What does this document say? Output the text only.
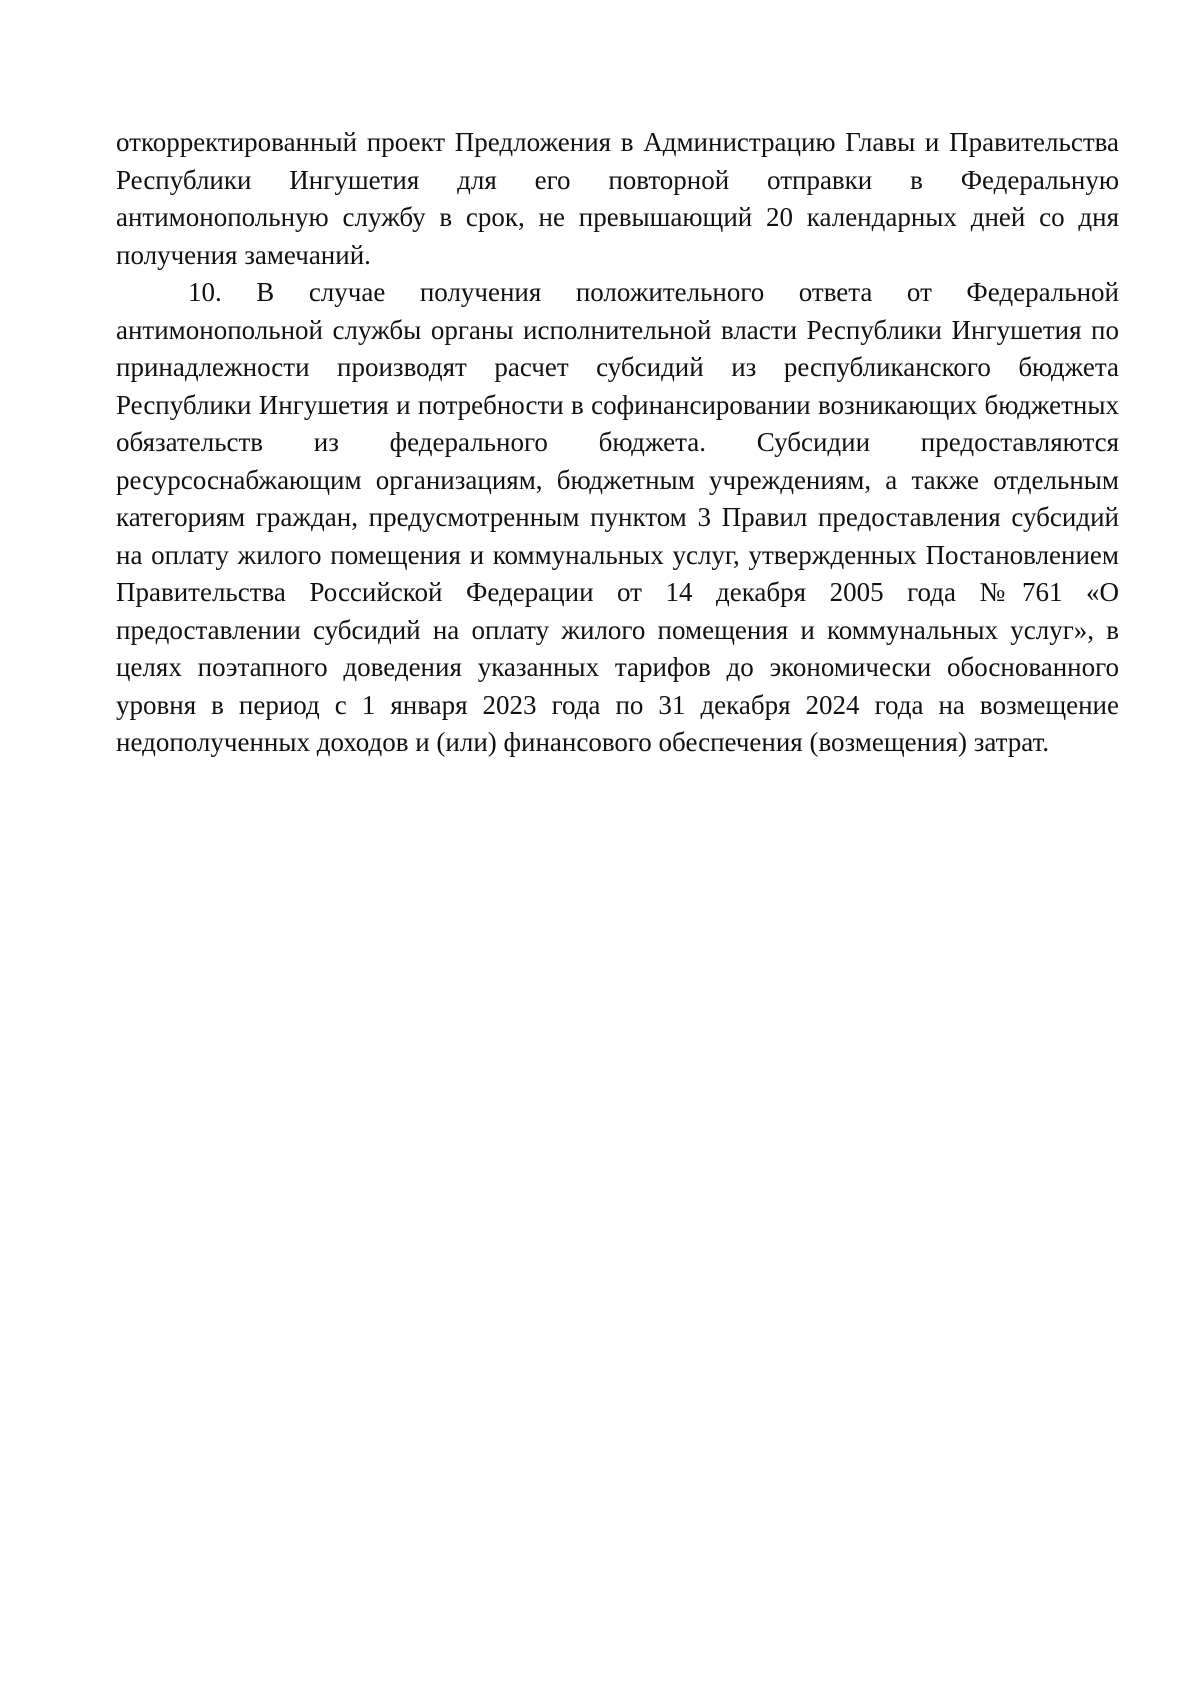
откорректированный проект Предложения в Администрацию Главы и Правительства Республики Ингушетия для его повторной отправки в Федеральную антимонопольную службу в срок, не превышающий 20 календарных дней со дня получения замечаний.

10. В случае получения положительного ответа от Федеральной антимонопольной службы органы исполнительной власти Республики Ингушетия по принадлежности производят расчет субсидий из республиканского бюджета Республики Ингушетия и потребности в софинансировании возникающих бюджетных обязательств из федерального бюджета. Субсидии предоставляются ресурсоснабжающим организациям, бюджетным учреждениям, а также отдельным категориям граждан, предусмотренным пунктом 3 Правил предоставления субсидий на оплату жилого помещения и коммунальных услуг, утвержденных Постановлением Правительства Российской Федерации от 14 декабря 2005 года №761 «О предоставлении субсидий на оплату жилого помещения и коммунальных услуг», в целях поэтапного доведения указанных тарифов до экономически обоснованного уровня в период с 1 января 2023 года по 31 декабря 2024 года на возмещение недополученных доходов и (или) финансового обеспечения (возмещения) затрат.
